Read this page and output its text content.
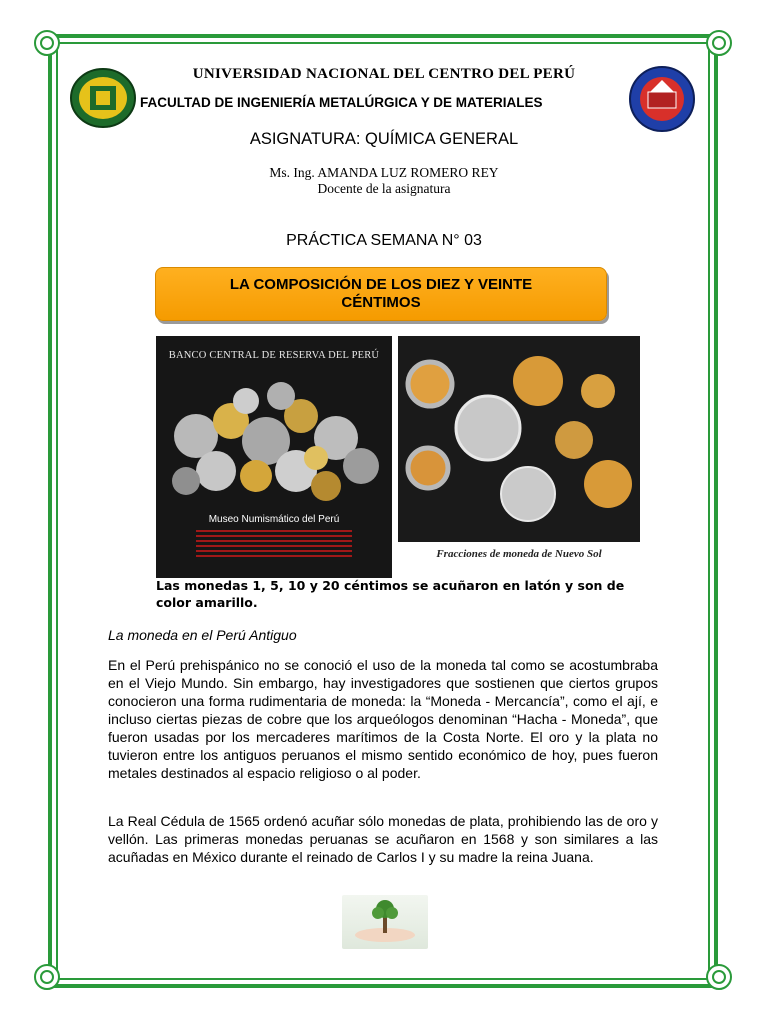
UNIVERSIDAD NACIONAL DEL CENTRO DEL PERÚ
FACULTAD DE INGENIERÍA METALÚRGICA Y DE MATERIALES
ASIGNATURA: QUÍMICA GENERAL
Ms. Ing. AMANDA LUZ ROMERO REY
Docente de la asignatura
PRÁCTICA SEMANA N° 03
LA COMPOSICIÓN DE LOS DIEZ Y VEINTE
CÉNTIMOS
BANCO CENTRAL DE RESERVA DEL PERÚ
Museo Numismático del Perú
Fracciones de moneda de Nuevo Sol
Las monedas 1, 5, 10 y 20 céntimos se acuñaron en latón y son de color amarillo.
La moneda en el Perú Antiguo
En el Perú prehispánico no se conoció el uso de la moneda tal como se acostumbraba en el Viejo Mundo. Sin embargo, hay investigadores que sostienen que ciertos grupos conocieron una forma rudimentaria de moneda: la “Moneda - Mercancía”, como el ají, e incluso ciertas piezas de cobre que los arqueólogos denominan “Hacha - Moneda”, que fueron usadas por los mercaderes marítimos de la Costa Norte. El oro y la plata no tuvieron entre los antiguos peruanos el mismo sentido económico de hoy, pues fueron metales destinados al espacio religioso o al poder.
La Real Cédula de 1565 ordenó acuñar sólo monedas de plata, prohibiendo las de oro y vellón. Las primeras monedas peruanas se acuñaron en 1568 y son similares a las acuñadas en México durante el reinado de Carlos I y su madre la reina Juana.
